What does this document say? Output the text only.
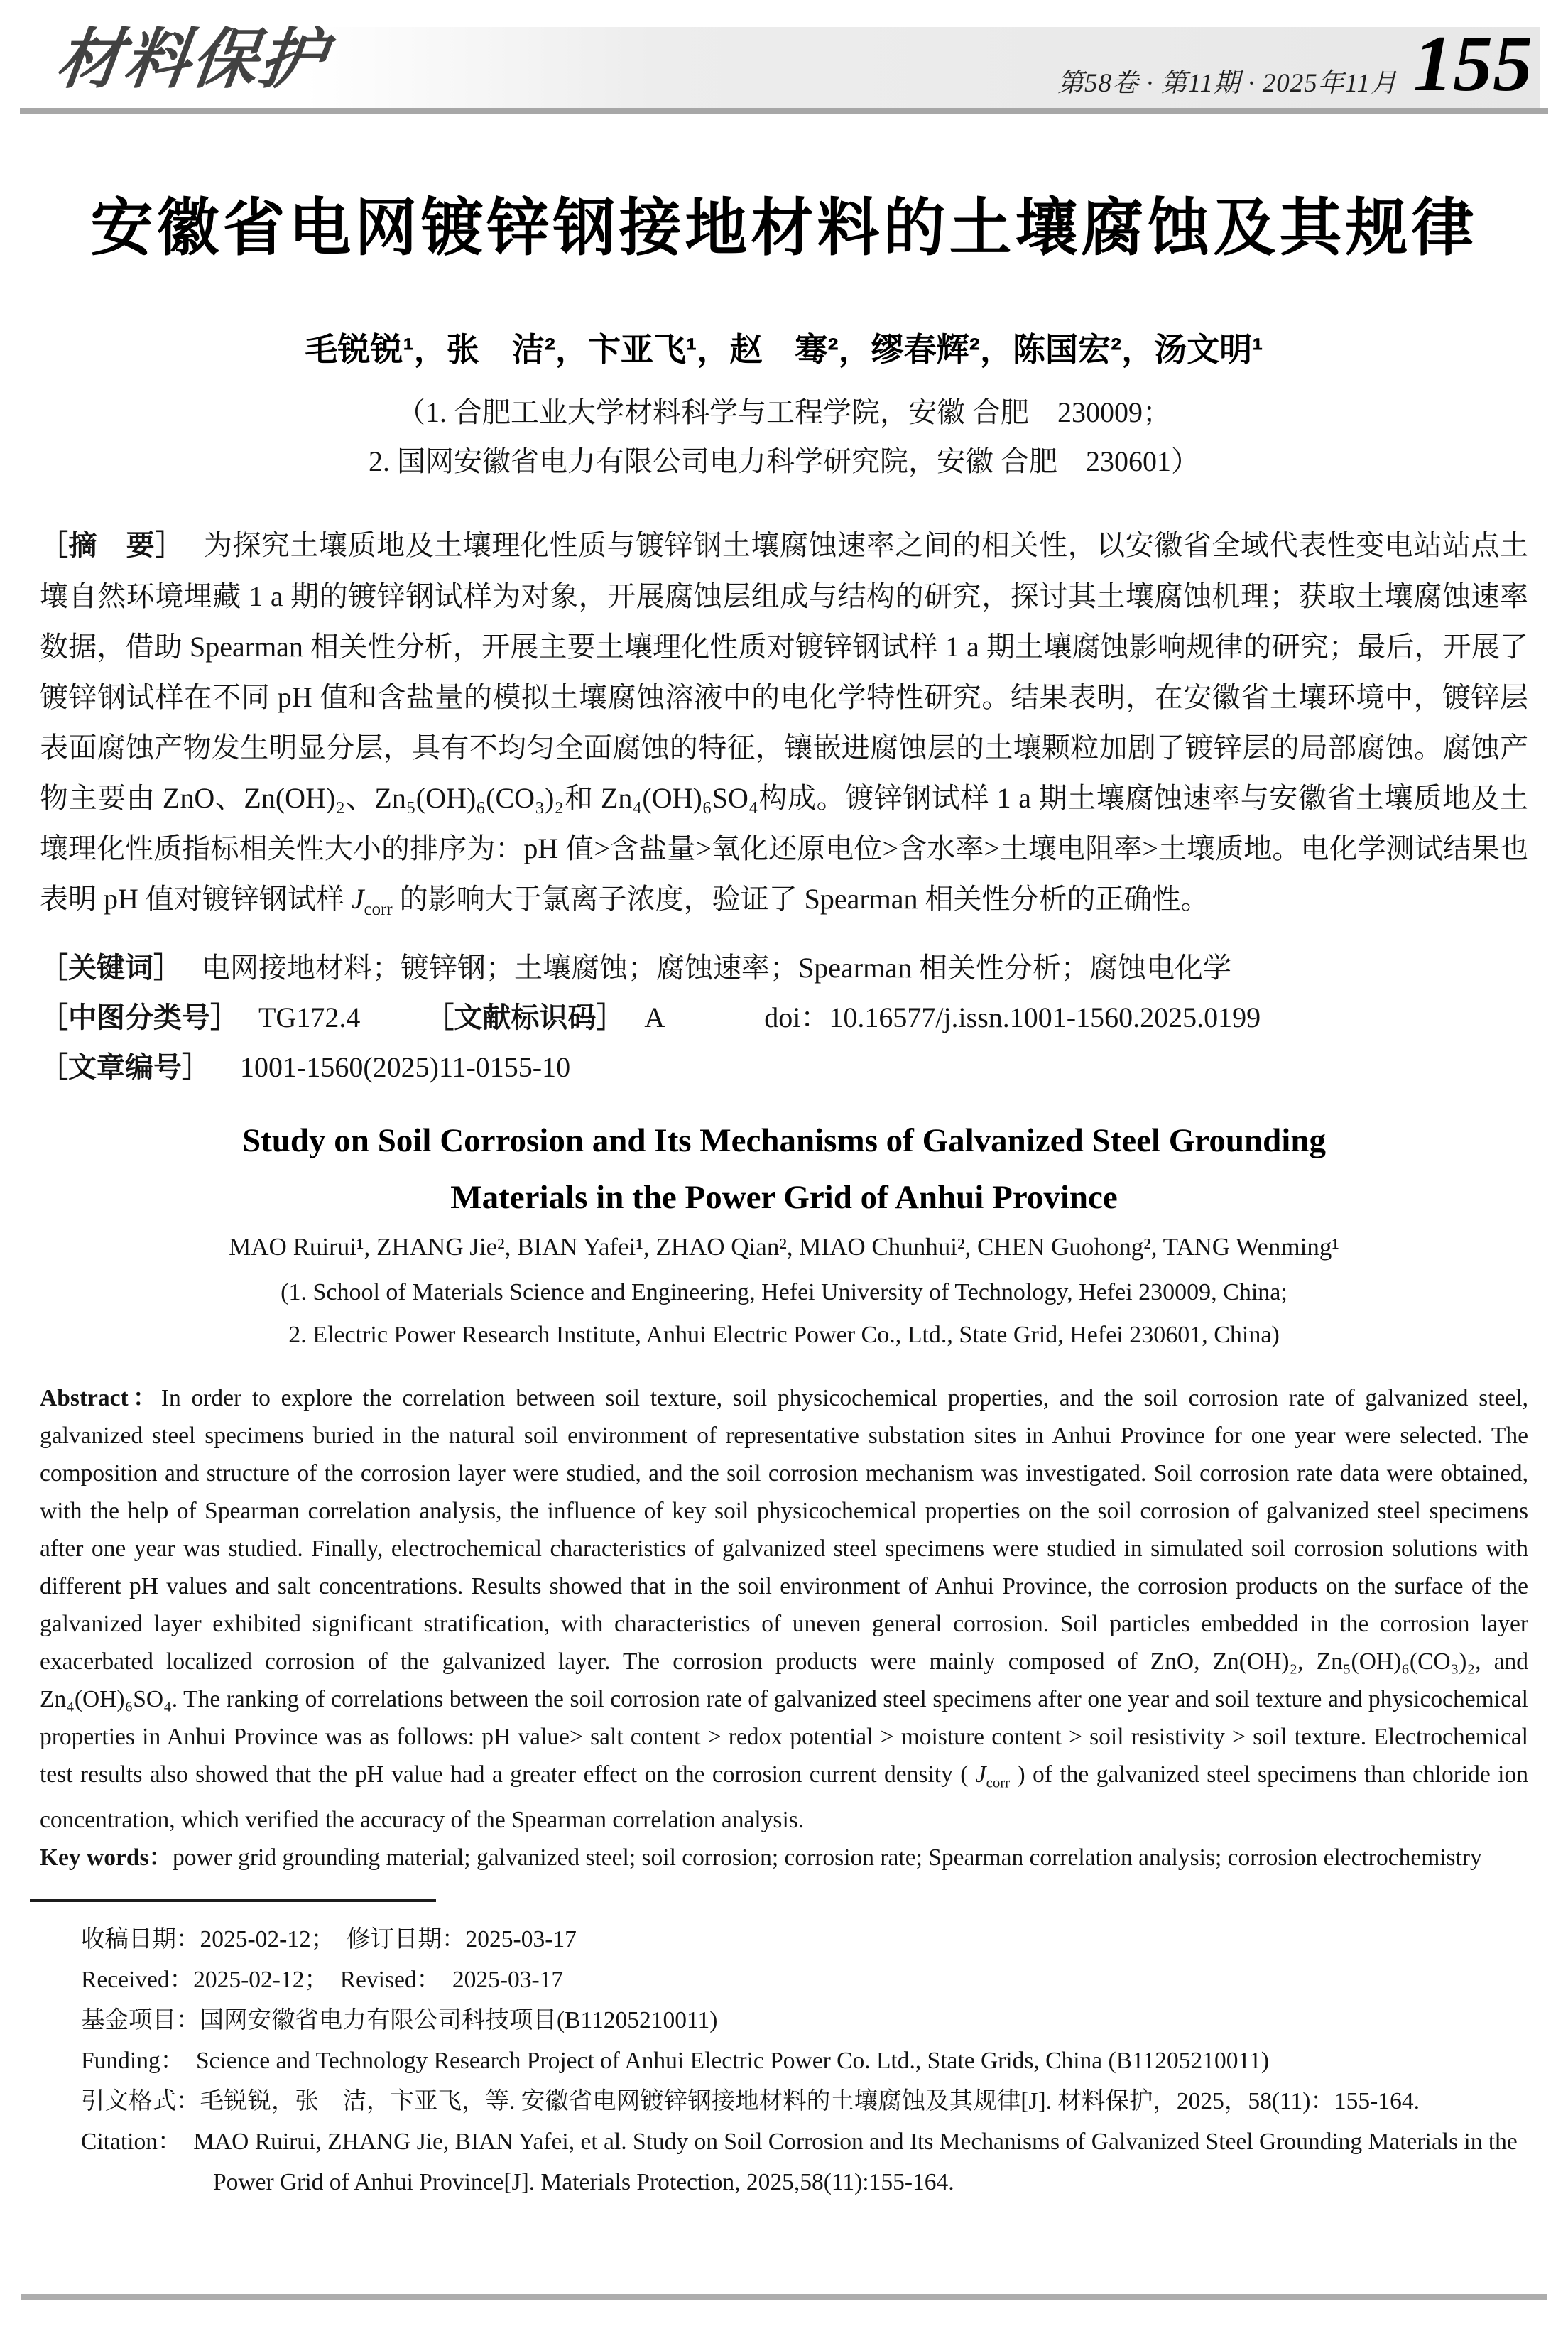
材料保护	第58卷 · 第11期 · 2025年11月 155
安徽省电网镀锌钢接地材料的土壤腐蚀及其规律
毛锐锐¹，张　洁²，卞亚飞¹，赵　骞²，缪春辉²，陈国宏²，汤文明¹
（1. 合肥工业大学材料科学与工程学院，安徽 合肥　230009；
2. 国网安徽省电力有限公司电力科学研究院，安徽 合肥　230601）

［摘　要］ 为探究土壤质地及土壤理化性质与镀锌钢土壤腐蚀速率之间的相关性，以安徽省全域代表性变电站站点土壤自然环境埋藏 1 a 期的镀锌钢试样为对象，开展腐蚀层组成与结构的研究，探讨其土壤腐蚀机理；获取土壤腐蚀速率数据，借助 Spearman 相关性分析，开展主要土壤理化性质对镀锌钢试样 1 a 期土壤腐蚀影响规律的研究；最后，开展了镀锌钢试样在不同 pH 值和含盐量的模拟土壤腐蚀溶液中的电化学特性研究。结果表明，在安徽省土壤环境中，镀锌层表面腐蚀产物发生明显分层，具有不均匀全面腐蚀的特征，镶嵌进腐蚀层的土壤颗粒加剧了镀锌层的局部腐蚀。腐蚀产物主要由 ZnO、Zn(OH)₂、Zn₅(OH)₆(CO₃)₂和 Zn₄(OH)₆SO₄构成。镀锌钢试样 1 a 期土壤腐蚀速率与安徽省土壤质地及土壤理化性质指标相关性大小的排序为：pH 值>含盐量>氧化还原电位>含水率>土壤电阻率>土壤质地。电化学测试结果也表明 pH 值对镀锌钢试样 $J_{corr}$ 的影响大于氯离子浓度，验证了 Spearman 相关性分析的正确性。

［关键词］ 电网接地材料；镀锌钢；土壤腐蚀；腐蚀速率；Spearman 相关性分析；腐蚀电化学

［中图分类号］ TG172.4 ［文献标识码］ A	doi：10.16577/j.issn.1001-1560.2025.0199

［文章编号］ 1001-1560(2025)11-0155-10

Study on Soil Corrosion and Its Mechanisms of Galvanized Steel Grounding
Materials in the Power Grid of Anhui Province
MAO Ruirui¹, ZHANG Jie², BIAN Yafei¹, ZHAO Qian², MIAO Chunhui², CHEN Guohong², TANG Wenming¹
(1. School of Materials Science and Engineering, Hefei University of Technology, Hefei 230009, China;
2. Electric Power Research Institute, Anhui Electric Power Co., Ltd., State Grid, Hefei 230601, China)

Abstract：In order to explore the correlation between soil texture, soil physicochemical properties, and the soil corrosion rate of galvanized steel, galvanized steel specimens buried in the natural soil environment of representative substation sites in Anhui Province for one year were selected. The composition and structure of the corrosion layer were studied, and the soil corrosion mechanism was investigated. Soil corrosion rate data were obtained, with the help of Spearman correlation analysis, the influence of key soil physicochemical properties on the soil corrosion of galvanized steel specimens after one year was studied. Finally, electrochemical characteristics of galvanized steel specimens were studied in simulated soil corrosion solutions with different pH values and salt concentrations. Results showed that in the soil environment of Anhui Province, the corrosion products on the surface of the galvanized layer exhibited significant stratification, with characteristics of uneven general corrosion. Soil particles embedded in the corrosion layer exacerbated localized corrosion of the galvanized layer. The corrosion products were mainly composed of ZnO, Zn(OH)₂, Zn₅(OH)₆(CO₃)₂, and Zn₄(OH)₆SO₄. The ranking of correlations between the soil corrosion rate of galvanized steel specimens after one year and soil texture and physicochemical properties in Anhui Province was as follows: pH value> salt content > redox potential > moisture content > soil resistivity > soil texture. Electrochemical test results also showed that the pH value had a greater effect on the corrosion current density ( $J_{corr}$ ) of the galvanized steel specimens than chloride ion concentration, which verified the accuracy of the Spearman correlation analysis.

Key words：power grid grounding material; galvanized steel; soil corrosion; corrosion rate; Spearman correlation analysis; corrosion electrochemistry

收稿日期：2025-02-12；　修订日期：2025-03-17
Received：2025-02-12；　Revised：　2025-03-17
基金项目：国网安徽省电力有限公司科技项目(B11205210011)
Funding：　Science and Technology Research Project of Anhui Electric Power Co. Ltd., State Grids, China (B11205210011)
引文格式：毛锐锐，张　洁，卞亚飞，等. 安徽省电网镀锌钢接地材料的土壤腐蚀及其规律[J]. 材料保护，2025，58(11)：155-164.
Citation：　MAO Ruirui, ZHANG Jie, BIAN Yafei, et al. Study on Soil Corrosion and Its Mechanisms of Galvanized Steel Grounding Materials in the Power Grid of Anhui Province[J]. Materials Protection, 2025,58(11):155-164.
